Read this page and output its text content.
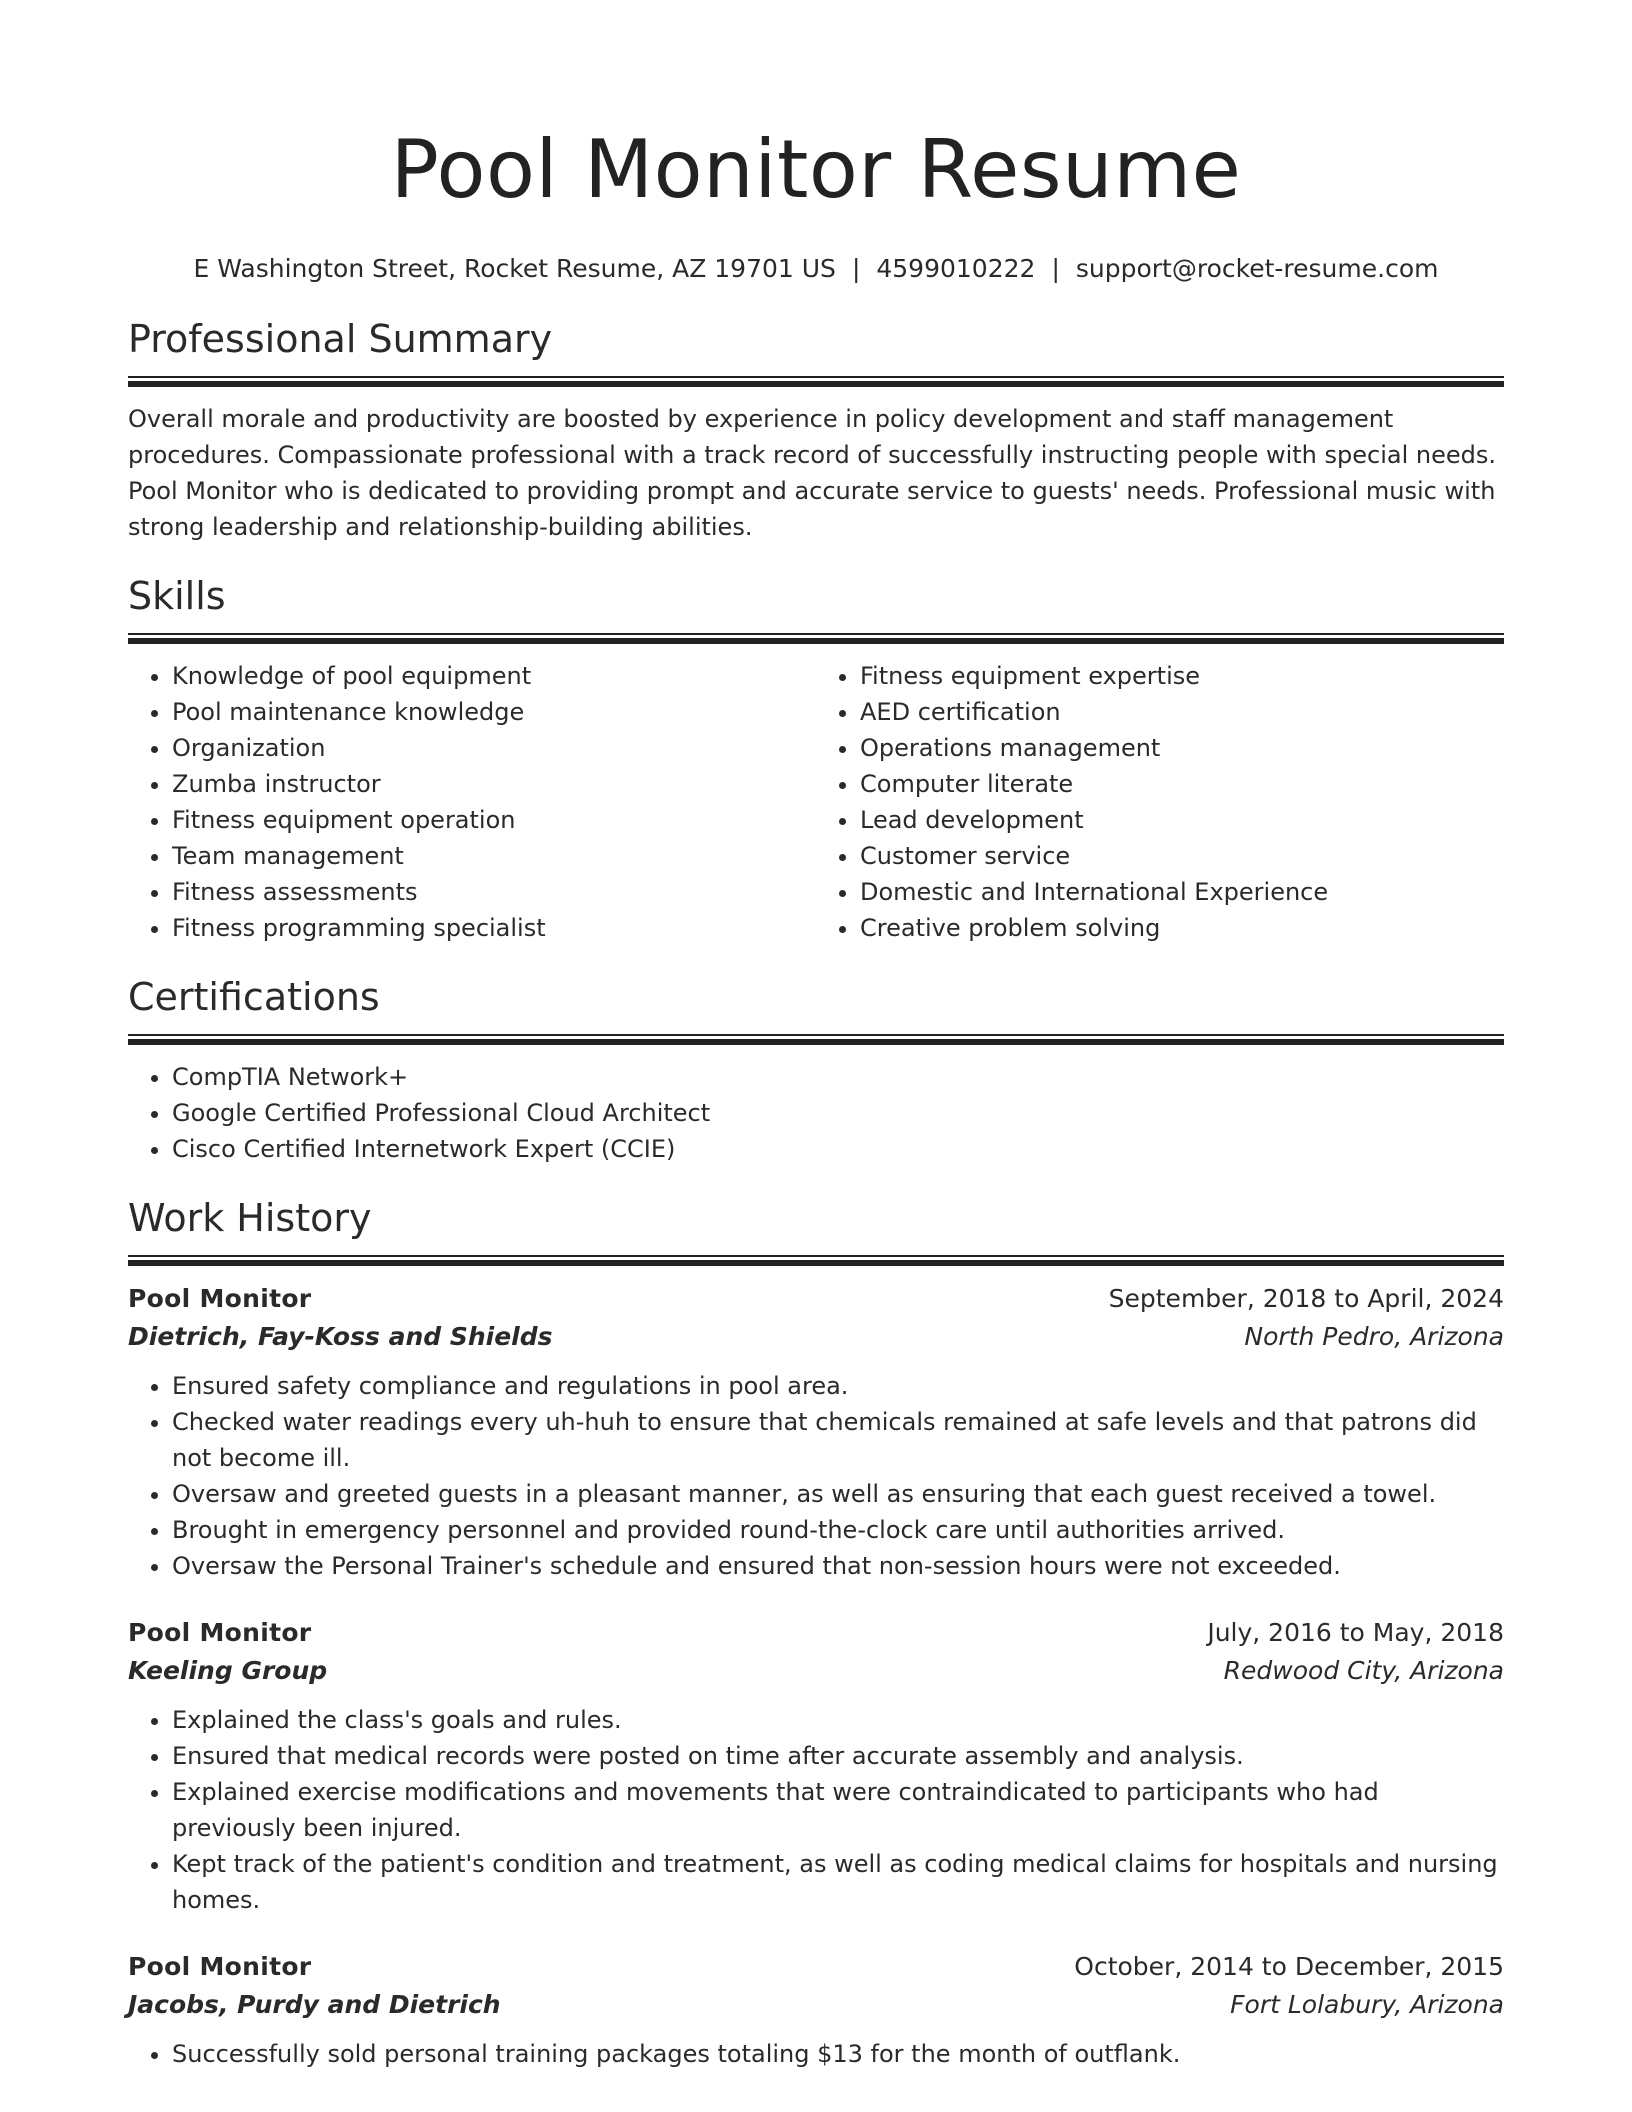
Pool Monitor Resume
E Washington Street, Rocket Resume, AZ 19701 US | 4599010222 | support@rocket-resume.com
Professional Summary
Overall morale and productivity are boosted by experience in policy development and staff management procedures. Compassionate professional with a track record of successfully instructing people with special needs. Pool Monitor who is dedicated to providing prompt and accurate service to guests' needs. Professional music with strong leadership and relationship-building abilities.
Skills
• Knowledge of pool equipment
• Pool maintenance knowledge
• Organization
• Zumba instructor
• Fitness equipment operation
• Team management
• Fitness assessments
• Fitness programming specialist
• Fitness equipment expertise
• AED certification
• Operations management
• Computer literate
• Lead development
• Customer service
• Domestic and International Experience
• Creative problem solving
Certifications
• CompTIA Network+
• Google Certified Professional Cloud Architect
• Cisco Certified Internetwork Expert (CCIE)
Work History
Pool Monitor	September, 2018 to April, 2024
Dietrich, Fay-Koss and Shields	North Pedro, Arizona
• Ensured safety compliance and regulations in pool area.
• Checked water readings every uh-huh to ensure that chemicals remained at safe levels and that patrons did not become ill.
• Oversaw and greeted guests in a pleasant manner, as well as ensuring that each guest received a towel.
• Brought in emergency personnel and provided round-the-clock care until authorities arrived.
• Oversaw the Personal Trainer's schedule and ensured that non-session hours were not exceeded.
Pool Monitor	July, 2016 to May, 2018
Keeling Group	Redwood City, Arizona
• Explained the class's goals and rules.
• Ensured that medical records were posted on time after accurate assembly and analysis.
• Explained exercise modifications and movements that were contraindicated to participants who had previously been injured.
• Kept track of the patient's condition and treatment, as well as coding medical claims for hospitals and nursing homes.
Pool Monitor	October, 2014 to December, 2015
Jacobs, Purdy and Dietrich	Fort Lolabury, Arizona
• Successfully sold personal training packages totaling $13 for the month of outflank.
